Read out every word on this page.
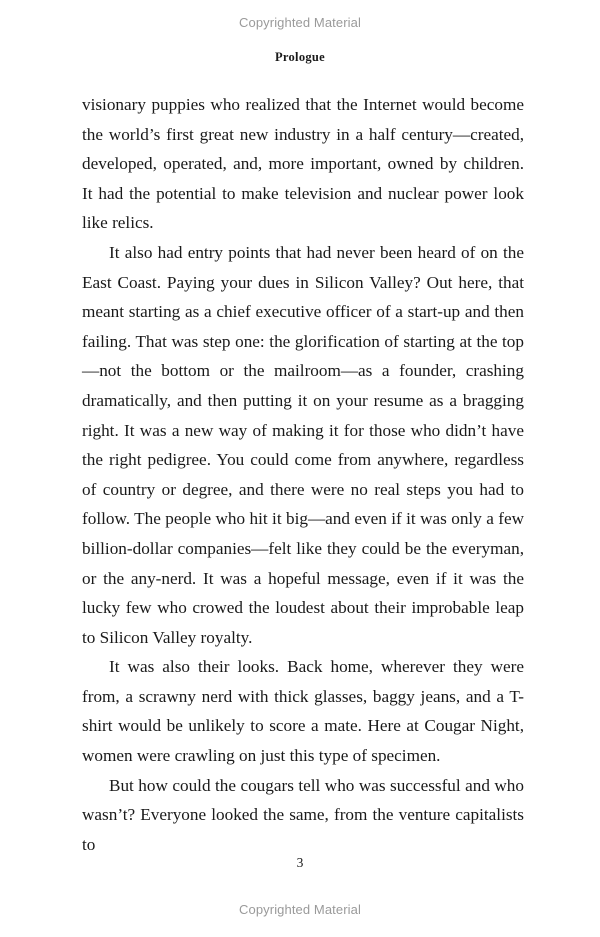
Copyrighted Material
Prologue

visionary puppies who realized that the Internet would become the world’s first great new industry in a half century—created, developed, operated, and, more important, owned by children. It had the potential to make television and nuclear power look like relics.

It also had entry points that had never been heard of on the East Coast. Paying your dues in Silicon Valley? Out here, that meant starting as a chief executive officer of a start-up and then failing. That was step one: the glorification of starting at the top—not the bottom or the mailroom—as a founder, crashing dramatically, and then putting it on your resume as a bragging right. It was a new way of making it for those who didn’t have the right pedigree. You could come from anywhere, regardless of country or degree, and there were no real steps you had to follow. The people who hit it big—and even if it was only a few billion-dollar companies—felt like they could be the everyman, or the any-nerd. It was a hopeful message, even if it was the lucky few who crowed the loudest about their improbable leap to Silicon Valley royalty.

It was also their looks. Back home, wherever they were from, a scrawny nerd with thick glasses, baggy jeans, and a T-shirt would be unlikely to score a mate. Here at Cougar Night, women were crawling on just this type of specimen.

But how could the cougars tell who was successful and who wasn’t? Everyone looked the same, from the venture capitalists to

3
Copyrighted Material
